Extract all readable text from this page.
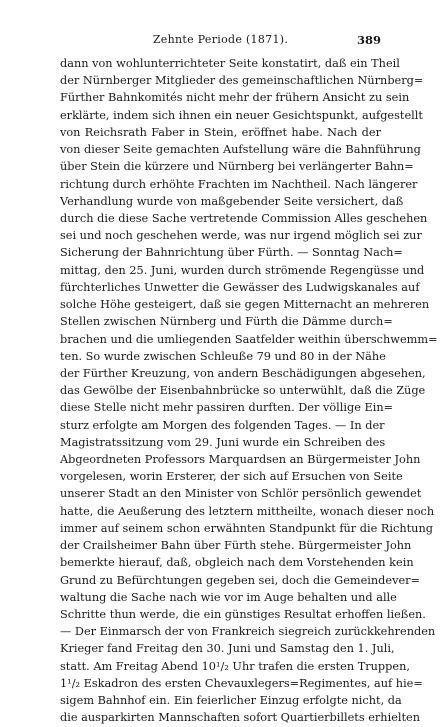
Zehnte Periode (1871).	389
dann von wohlunterrichteter Seite konstatirt, daß ein Theil
der Nürnberger Mitglieder des gemeinschaftlichen Nürnberg=
Fürther Bahnkomités nicht mehr der frühern Ansicht zu sein
erklärte, indem sich ihnen ein neuer Gesichtspunkt, aufgestellt
von Reichsrath Faber in Stein, eröffnet habe. Nach der
von dieser Seite gemachten Aufstellung wäre die Bahnführung
über Stein die kürzere und Nürnberg bei verlängerter Bahn=
richtung durch erhöhte Frachten im Nachtheil. Nach längerer
Verhandlung wurde von maßgebender Seite versichert, daß
durch die diese Sache vertretende Commission Alles geschehen
sei und noch geschehen werde, was nur irgend möglich sei zur
Sicherung der Bahnrichtung über Fürth. — Sonntag Nach=
mittag, den 25. Juni, wurden durch strömende Regengüsse und
fürchterliches Unwetter die Gewässer des Ludwigskanales auf
solche Höhe gesteigert, daß sie gegen Mitternacht an mehreren
Stellen zwischen Nürnberg und Fürth die Dämme durch=
brachen und die umliegenden Saatfelder weithin überschwemm=
ten. So wurde zwischen Schleuße 79 und 80 in der Nähe
der Fürther Kreuzung, von andern Beschädigungen abgesehen,
das Gewölbe der Eisenbahnbrücke so unterwühlt, daß die Züge
diese Stelle nicht mehr passiren durften. Der völlige Ein=
sturz erfolgte am Morgen des folgenden Tages. — In der
Magistratssitzung vom 29. Juni wurde ein Schreiben des
Abgeordneten Professors Marquardsen an Bürgermeister John
vorgelesen, worin Ersterer, der sich auf Ersuchen von Seite
unserer Stadt an den Minister von Schlör persönlich gewendet
hatte, die Aeußerung des letztern mittheilte, wonach dieser noch
immer auf seinem schon erwähnten Standpunkt für die Richtung
der Crailsheimer Bahn über Fürth stehe. Bürgermeister John
bemerkte hierauf, daß, obgleich nach dem Vorstehenden kein
Grund zu Befürchtungen gegeben sei, doch die Gemeindever=
waltung die Sache nach wie vor im Auge behalten und alle
Schritte thun werde, die ein günstiges Resultat erhoffen ließen.
— Der Einmarsch der von Frankreich siegreich zurückkehrenden
Krieger fand Freitag den 30. Juni und Samstag den 1. Juli,
statt. Am Freitag Abend 10¹/₂ Uhr trafen die ersten Truppen,
1¹/₂ Eskadron des ersten Chevauxlegers=Regimentes, auf hie=
sigem Bahnhof ein. Ein feierlicher Einzug erfolgte nicht, da
die ausparkirten Mannschaften sofort Quartierbillets erhielten
